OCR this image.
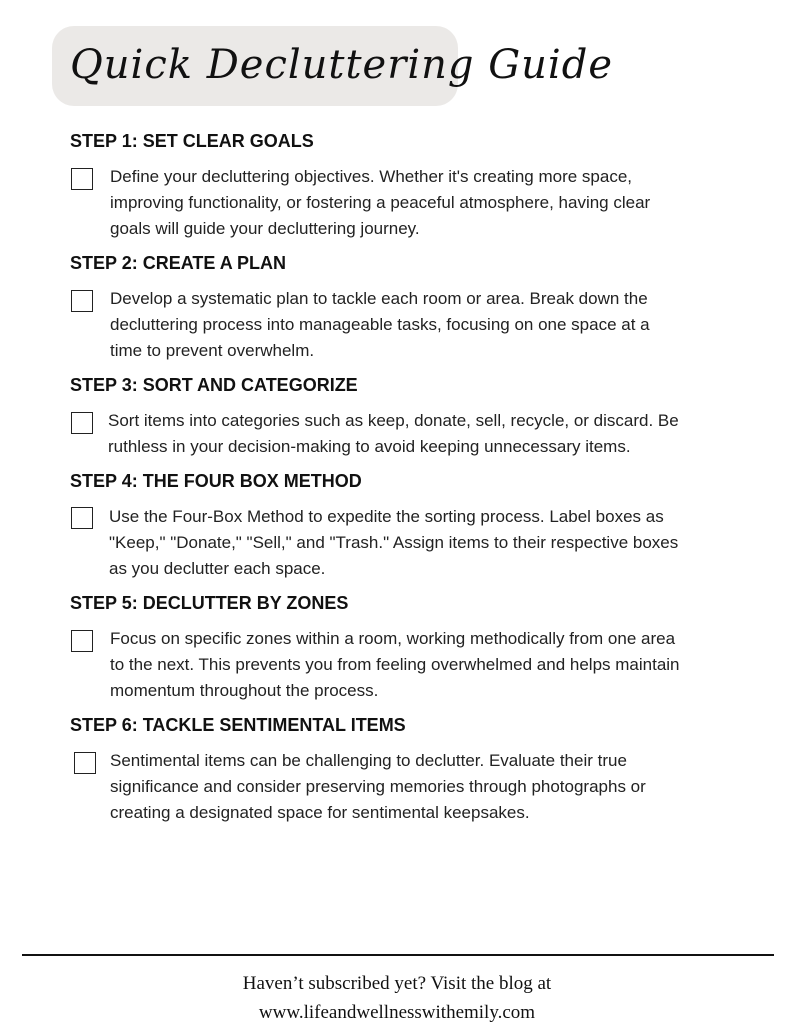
Quick Decluttering Guide
STEP 1: SET CLEAR GOALS
Define your decluttering objectives. Whether it's creating more space,
improving functionality, or fostering a peaceful atmosphere, having clear
goals will guide your decluttering journey.
STEP 2: CREATE A PLAN
Develop a systematic plan to tackle each room or area. Break down the
decluttering process into manageable tasks, focusing on one space at a
time to prevent overwhelm.
STEP 3: SORT AND CATEGORIZE
Sort items into categories such as keep, donate, sell, recycle, or discard. Be
ruthless in your decision-making to avoid keeping unnecessary items.
STEP 4: THE FOUR BOX METHOD
Use the Four-Box Method to expedite the sorting process. Label boxes as
"Keep," "Donate," "Sell," and "Trash." Assign items to their respective boxes
as you declutter each space.
STEP 5: DECLUTTER BY ZONES
Focus on specific zones within a room, working methodically from one area
to the next. This prevents you from feeling overwhelmed and helps maintain
momentum throughout the process.
STEP 6: TACKLE SENTIMENTAL ITEMS
Sentimental items can be challenging to declutter. Evaluate their true
significance and consider preserving memories through photographs or
creating a designated space for sentimental keepsakes.
Haven’t subscribed yet? Visit the blog at
www.lifeandwellnesswithemily.com
